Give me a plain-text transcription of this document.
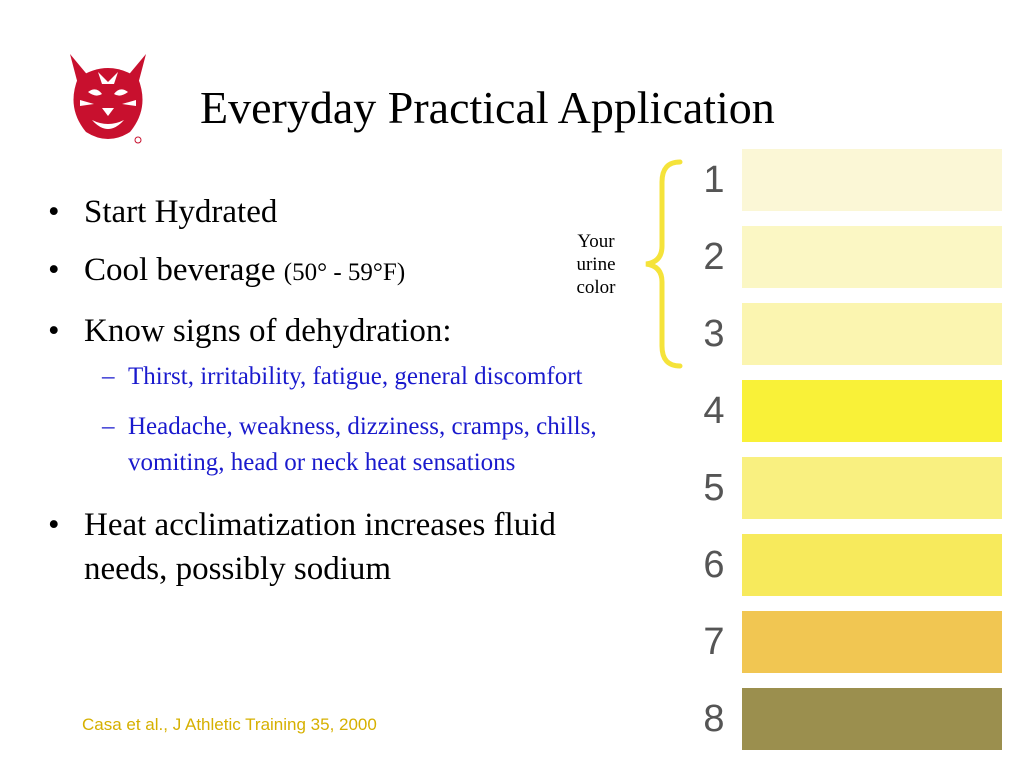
Everyday Practical Application
• Start Hydrated
• Cool beverage (50° - 59°F)
• Know signs of dehydration:
– Thirst, irritability, fatigue, general discomfort
– Headache, weakness, dizziness, cramps, chills, vomiting, head or neck heat sensations
• Heat acclimatization increases fluid needs, possibly sodium
Casa et al., J Athletic Training 35, 2000
Your
urine
color
1
2
3
4
5
6
7
8
